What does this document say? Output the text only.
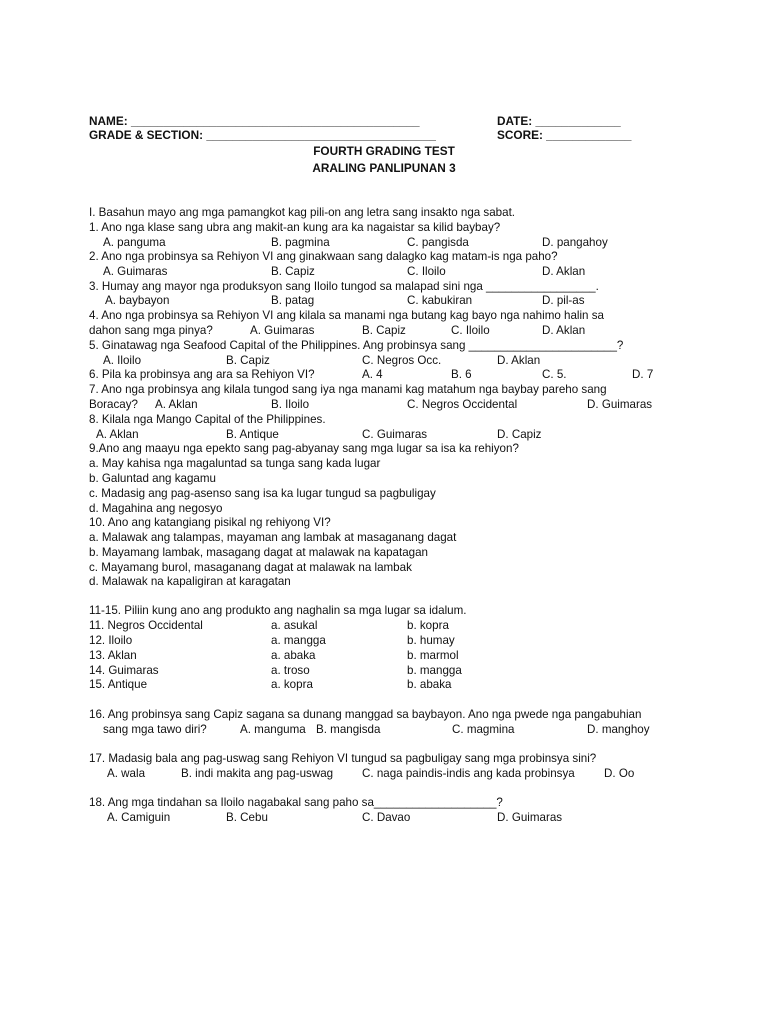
NAME: ____________________________________________	DATE: _____________
GRADE & SECTION: ___________________________________	SCORE: _____________
FOURTH GRADING TEST
ARALING PANLIPUNAN 3
I. Basahun mayo ang mga pamangkot kag pili-on ang letra sang insakto nga sabat.
1. Ano nga klase sang ubra ang makit-an kung ara ka nagaistar sa kilid baybay?
A. panguma	B. pagmina	C. pangisda	D. pangahoy
2. Ano nga probinsya sa Rehiyon VI ang ginakwaan sang dalagko kag matam-is nga paho?
A. Guimaras	B. Capiz	C. Iloilo	D. Aklan
3. Humay ang mayor nga produksyon sang Iloilo tungod sa malapad sini nga _________________.
A. baybayon	B. patag	C. kabukiran	D. pil-as
4. Ano nga probinsya sa Rehiyon VI ang kilala sa manami nga butang kag bayo nga nahimo halin sa
dahon sang mga pinya?	A. Guimaras	B. Capiz	C. Iloilo	D. Aklan
5. Ginatawag nga Seafood Capital of the Philippines. Ang probinsya sang _______________________?
A. Iloilo	B. Capiz	C. Negros Occ.	D. Aklan
6. Pila ka probinsya ang ara sa Rehiyon VI?	A. 4	B. 6	C. 5.	D. 7
7. Ano nga probinsya ang kilala tungod sang iya nga manami kag matahum nga baybay pareho sang
Boracay? A. Aklan	B. Iloilo	C. Negros Occidental	D. Guimaras
8. Kilala nga Mango Capital of the Philippines.
A. Aklan	B. Antique	C. Guimaras	D. Capiz
9.Ano ang maayu nga epekto sang pag-abyanay sang mga lugar sa isa ka rehiyon?
a. May kahisa nga magaluntad sa tunga sang kada lugar
b. Galuntad ang kagamu
c. Madasig ang pag-asenso sang isa ka lugar tungud sa pagbuligay
d. Magahina ang negosyo
10. Ano ang katangiang pisikal ng rehiyong VI?
a. Malawak ang talampas, mayaman ang lambak at masaganang dagat
b. Mayamang lambak, masagang dagat at malawak na kapatagan
c. Mayamang burol, masaganang dagat at malawak na lambak
d. Malawak na kapaligiran at karagatan
11-15. Piliin kung ano ang produkto ang naghalin sa mga lugar sa idalum.
11. Negros Occidental	a. asukal	b. kopra
12. Iloilo	a. mangga	b. humay
13. Aklan	a. abaka	b. marmol
14. Guimaras	a. troso	b. mangga
15. Antique	a. kopra	b. abaka
16. Ang probinsya sang Capiz sagana sa dunang manggad sa baybayon. Ano nga pwede nga pangabuhian
sang mga tawo diri?	A. manguma B. mangisda	C. magmina	D. manghoy
17. Madasig bala ang pag-uswag sang Rehiyon VI tungud sa pagbuligay sang mga probinsya sini?
A. wala	B. indi makita ang pag-uswag C. naga paindis-indis ang kada probinsya	D. Oo
18. Ang mga tindahan sa Iloilo nagabakal sang paho sa___________________?
A. Camiguin	B. Cebu	C. Davao	D. Guimaras
